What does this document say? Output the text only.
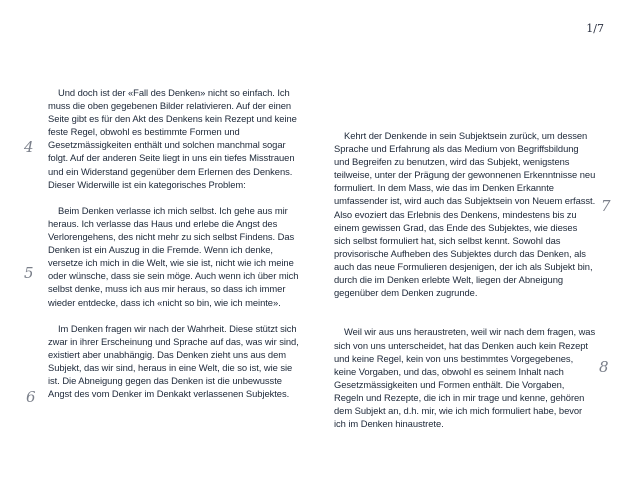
1/7
4
5
6
7
8

Und doch ist der «Fall des Denken» nicht so einfach. Ich muss die oben gegebenen Bilder relativieren. Auf der einen Seite gibt es für den Akt des Denkens kein Rezept und keine feste Regel, obwohl es bestimmte Formen und Gesetzmässigkeiten enthält und solchen manchmal sogar folgt. Auf der anderen Seite liegt in uns ein tiefes Misstrauen und ein Widerstand gegenüber dem Erlernen des Denkens. Dieser Widerwille ist ein kategorisches Problem:

Beim Denken verlasse ich mich selbst. Ich gehe aus mir heraus. Ich verlasse das Haus und erlebe die Angst des Verlorengehens, des nicht mehr zu sich selbst Findens. Das Denken ist ein Auszug in die Fremde. Wenn ich denke, versetze ich mich in die Welt, wie sie ist, nicht wie ich meine oder wünsche, dass sie sein möge. Auch wenn ich über mich selbst denke, muss ich aus mir heraus, so dass ich immer wieder entdecke, dass ich «nicht so bin, wie ich meinte».

Im Denken fragen wir nach der Wahrheit. Diese stützt sich zwar in ihrer Erscheinung und Sprache auf das, was wir sind, existiert aber unabhängig. Das Denken zieht uns aus dem Subjekt, das wir sind, heraus in eine Welt, die so ist, wie sie ist. Die Abneigung gegen das Denken ist die unbewusste Angst des vom Denker im Denkakt verlassenen Subjektes.

Kehrt der Denkende in sein Subjektsein zurück, um dessen Sprache und Erfahrung als das Medium von Begriffsbildung und Begreifen zu benutzen, wird das Subjekt, wenigstens teilweise, unter der Prägung der gewonnenen Erkenntnisse neu formuliert. In dem Mass, wie das im Denken Erkannte umfassender ist, wird auch das Subjektsein von Neuem erfasst. Also evoziert das Erlebnis des Denkens, mindestens bis zu einem gewissen Grad, das Ende des Subjektes, wie dieses sich selbst formuliert hat, sich selbst kennt. Sowohl das provisorische Aufheben des Subjektes durch das Denken, als auch das neue Formulieren desjenigen, der ich als Subjekt bin, durch die im Denken erlebte Welt, liegen der Abneigung gegenüber dem Denken zugrunde.

Weil wir aus uns heraustreten, weil wir nach dem fragen, was sich von uns unterscheidet, hat das Denken auch kein Rezept und keine Regel, kein von uns bestimmtes Vorgegebenes, keine Vorgaben, und das, obwohl es seinem Inhalt nach Gesetzmässigkeiten und Formen enthält. Die Vorgaben, Regeln und Rezepte, die ich in mir trage und kenne, gehören dem Subjekt an, d.h. mir, wie ich mich formuliert habe, bevor ich im Denken hinaustrete.
